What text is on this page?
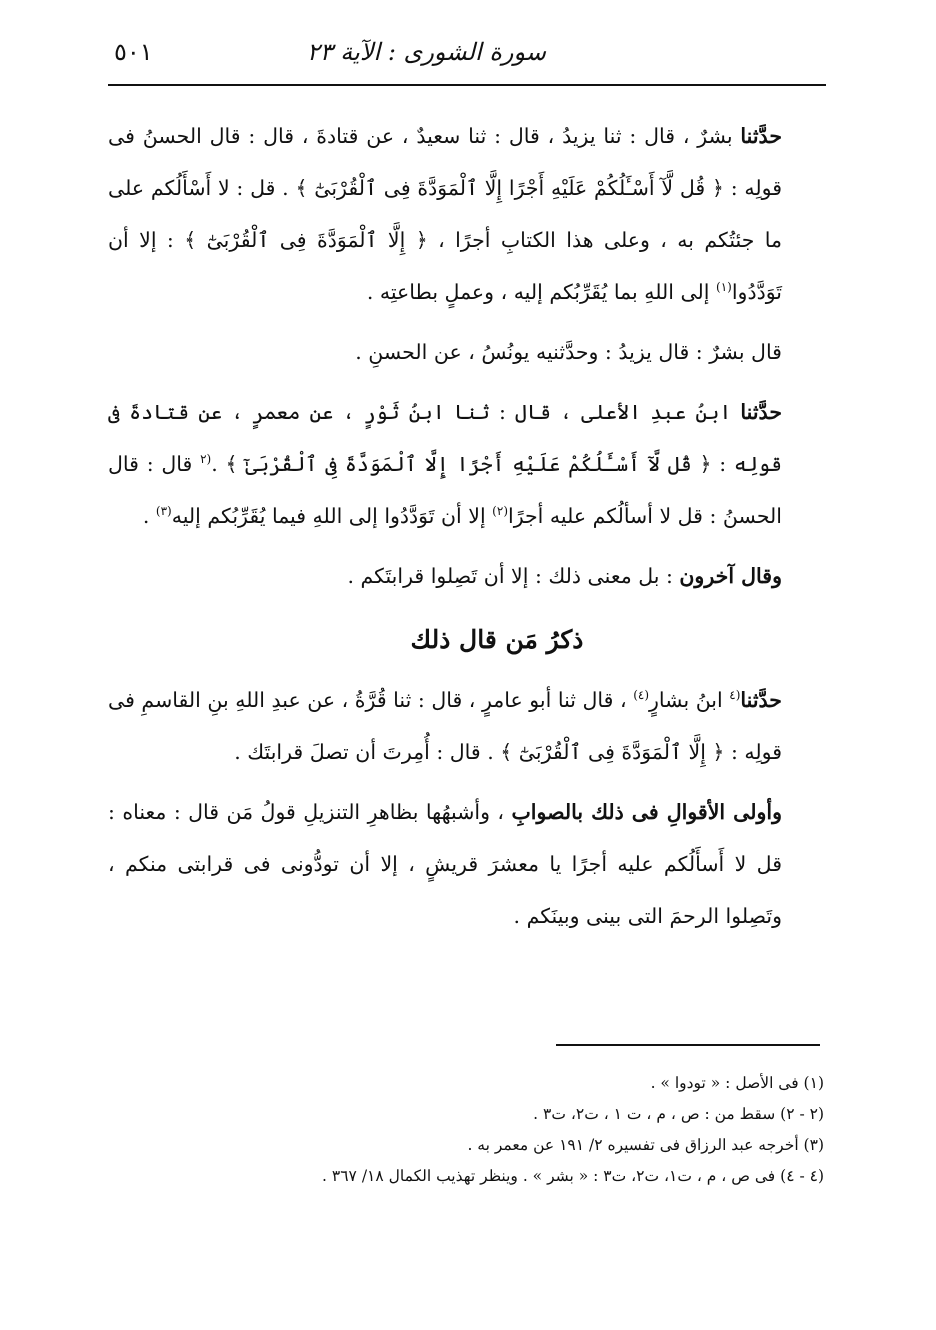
٥٠١	سورة الشورى : الآية ٢٣

حدَّثنا بشرٌ ، قال : ثنا يزيدُ ، قال : ثنا سعيدٌ ، عن قتادةَ ، قال : قال الحسنُ فى قولِه : ﴿ قُل لَّآ أَسْـَٔلُكُمْ عَلَيْهِ أَجْرًا إِلَّا ٱلْمَوَدَّةَ فِى ٱلْقُرْبَىٰٓ ﴾ . قل : لا أَسْأَلُكم على ما جئتُكم به ، وعلى هذا الكتابِ أجرًا ، ﴿ إِلَّا ٱلْمَوَدَّةَ فِى ٱلْقُرْبَىٰٓ ﴾ : إلا أن تَوَدَّدُوا$^{(١)}$ إلى اللهِ بما يُقَرِّبُكم إليه ، وعملٍ بطاعتِه .

قال بشرٌ : قال يزيدُ : وحدَّثنيه يونُسُ ، عن الحسنِ .

حدَّثنا ابنُ عبدِ الأعلى ، قال : ثنا ابنُ ثَوْرٍ ، عن معمرٍ ، عن قتادةَ فى قولِه : ﴿ قُل لَّآ أَسْـَٔلُكُمْ عَلَيْهِ أَجْرًا إِلَّا ٱلْمَوَدَّةَ فِى ٱلْقُرْبَىٰٓ ﴾ .$^{(٢}$ قال : قال الحسنُ : قل لا أسألُكم عليه أجرًا$^{(٢)}$ إلا أن تَوَدَّدُوا إلى اللهِ فيما يُقَرِّبُكم إليه$^{(٣)}$ .

وقال آخرون : بل معنى ذلك : إلا أن تَصِلوا قرابتَكم .

ذكرُ مَن قال ذلك

حدَّثنا$^{(٤}$ ابنُ بشارٍ$^{(٤)}$ ، قال ثنا أبو عامرٍ ، قال : ثنا قُرَّةُ ، عن عبدِ اللهِ بنِ القاسمِ فى قولِه : ﴿ إِلَّا ٱلْمَوَدَّةَ فِى ٱلْقُرْبَىٰٓ ﴾ . قال : أُمِرتَ أن تصلَ قرابتَك .

وأولى الأقوالِ فى ذلك بالصوابِ ، وأشبهُها بظاهرِ التنزيلِ قولُ مَن قال : معناه : قل لا أَسأَلُكم عليه أجرًا يا معشرَ قريشٍ ، إلا أن تودُّونى فى قرابتى منكم ، وتَصِلوا الرحمَ التى بينى وبينَكم .

(١) فى الأصل : « تودوا » .
(٢ - ٢) سقط من : ص ، م ، ت ١ ، ت٢، ت٣ .
(٣) أخرجه عبد الرزاق فى تفسيره ٢/ ١٩١ عن معمر به .
(٤ - ٤) فى ص ، م ، ت١، ت٢، ت٣ : « بشر » . وينظر تهذيب الكمال ١٨/ ٣٦٧ .
